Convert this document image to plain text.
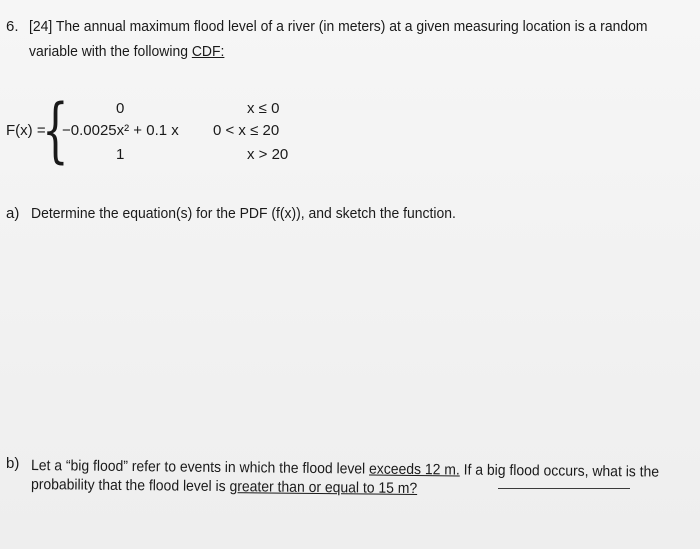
6. [24] The annual maximum flood level of a river (in meters) at a given measuring location is a random
variable with the following CDF:
F(x) =
{	0
−0.0025x² + 0.1 x
1
x ≤ 0
0 < x ≤ 20
x > 20
a) Determine the equation(s) for the PDF (f(x)), and sketch the function.
b) Let a “big flood” refer to events in which the flood level exceeds 12 m. If a big flood occurs, what is the
probability that the flood level is greater than or equal to 15 m?
